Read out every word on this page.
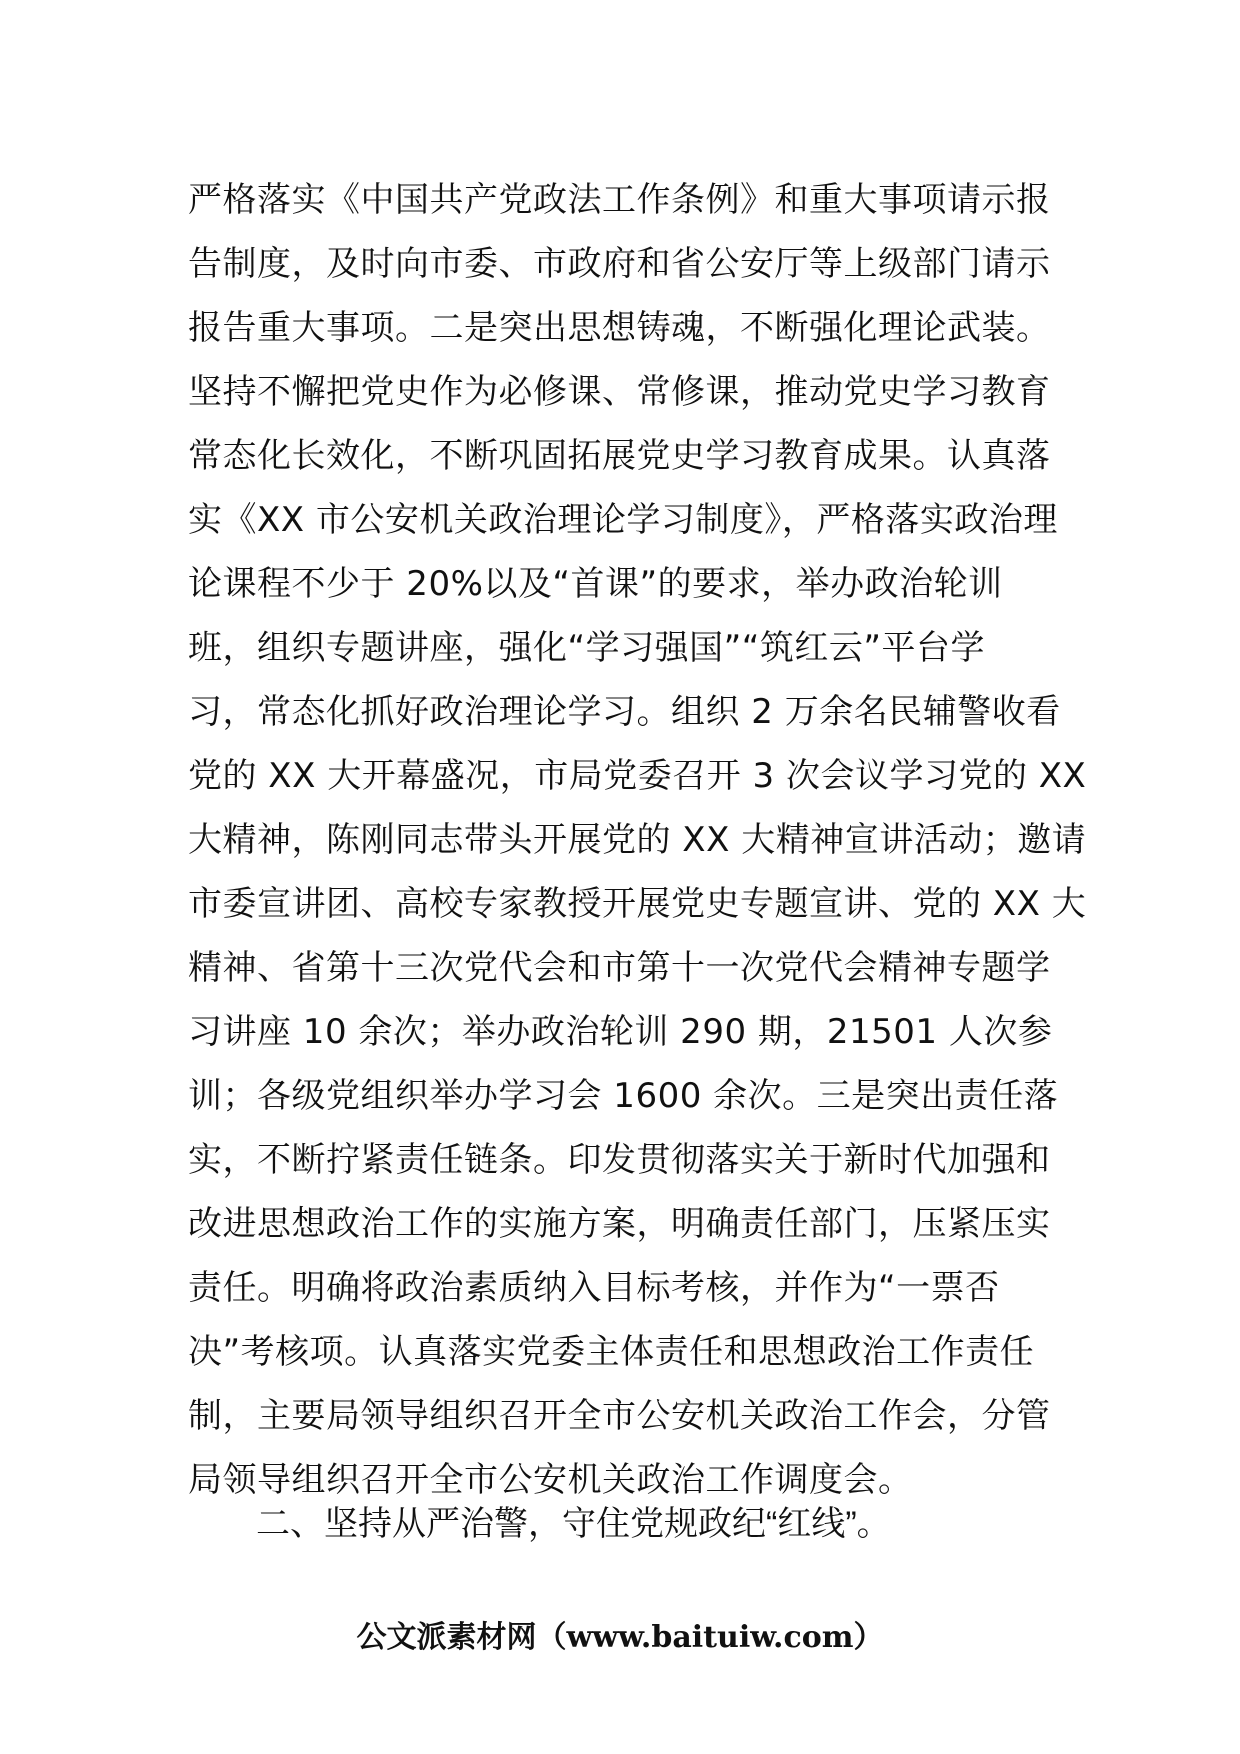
严格落实《中国共产党政法工作条例》和重大事项请示报
告制度，及时向市委、市政府和省公安厅等上级部门请示
报告重大事项。二是突出思想铸魂，不断强化理论武装。
坚持不懈把党史作为必修课、常修课，推动党史学习教育
常态化长效化，不断巩固拓展党史学习教育成果。认真落
实《XX 市公安机关政治理论学习制度》，严格落实政治理
论课程不少于 20%以及“首课”的要求，举办政治轮训
班，组织专题讲座，强化“学习强国”“筑红云”平台学
习，常态化抓好政治理论学习。组织 2 万余名民辅警收看
党的 XX 大开幕盛况，市局党委召开 3 次会议学习党的 XX
大精神，陈刚同志带头开展党的 XX 大精神宣讲活动；邀请
市委宣讲团、高校专家教授开展党史专题宣讲、党的 XX 大
精神、省第十三次党代会和市第十一次党代会精神专题学
习讲座 10 余次；举办政治轮训 290 期，21501 人次参
训；各级党组织举办学习会 1600 余次。三是突出责任落
实，不断拧紧责任链条。印发贯彻落实关于新时代加强和
改进思想政治工作的实施方案，明确责任部门，压紧压实
责任。明确将政治素质纳入目标考核，并作为“一票否
决”考核项。认真落实党委主体责任和思想政治工作责任
制，主要局领导组织召开全市公安机关政治工作会，分管
局领导组织召开全市公安机关政治工作调度会。
二、坚持从严治警，守住党规政纪“红线”。
公文派素材网（www.baituiw.com）
